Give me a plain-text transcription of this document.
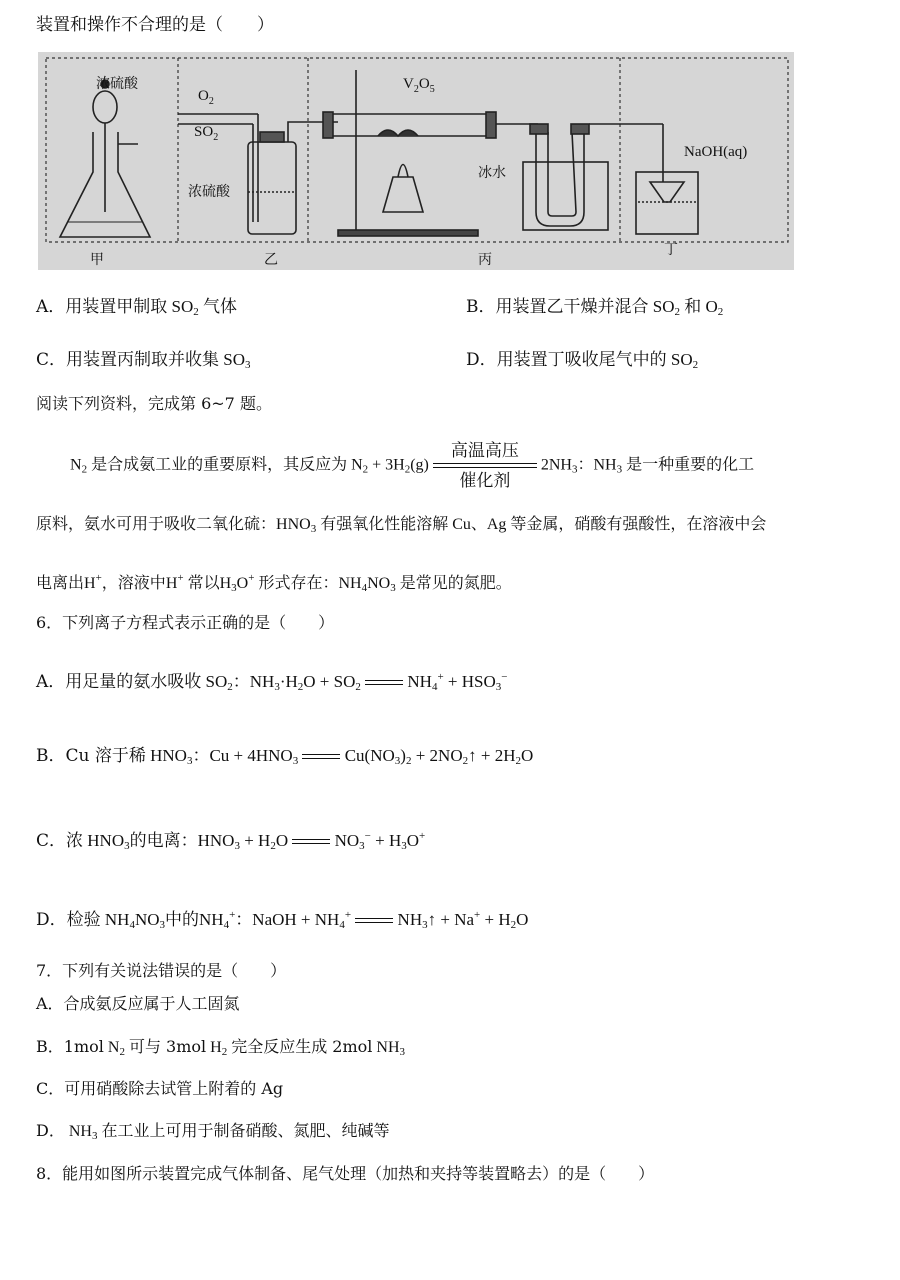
装置和操作不合理的是（　　）
浓硫酸
$O_2$
$SO_2$
浓硫酸
$V_2O_5$
冰水
NaOH(aq)
甲	乙	丙
丁
A．用装置甲制取 $SO_2$ 气体	B．用装置乙干燥并混合 $SO_2$ 和 $O_2$
C．用装置丙制取并收集 $SO_3$	D．用装置丁吸收尾气中的 $SO_2$
阅读下列资料，完成第 6~7 题。
$N_2$ 是合成氨工业的重要原料，其反应为 $N_2 + 3H_2(g)$
高温高压
催化剂
$2NH_3$：$NH_3$ 是一种重要的化工
原料，氨水可用于吸收二氧化硫：$HNO_3$ 有强氧化性能溶解 Cu、Ag 等金属，硝酸有强酸性，在溶液中会
电离出H+，溶液中H+ 常以$H_3O^+$ 形式存在：$NH_4NO_3$ 是常见的氮肥。
6．下列离子方程式表示正确的是（　　）
A．用足量的氨水吸收 $SO_2$：$NH_3\cdot H_2O + SO_2$  $NH_4^+ + HSO_3^-$
B．Cu 溶于稀 $HNO_3$：$Cu + 4HNO_3$  $Cu(NO_3)_2$ + $2NO_2↑ + 2H_2O$
C．浓 $HNO_3$的电离：$HNO_3 + H_2O$  $NO_3^- + H_3O^+$
D．检验 $NH_4NO_3$中的$NH_4^+$：NaOH + $NH_4^+$  $NH_3↑ + Na^+ + H_2O$
7．下列有关说法错误的是（　　）
A．合成氨反应属于人工固氮
B．1mol $N_2$ 可与 3mol $H_2$ 完全反应生成 2mol $NH_3$
C．可用硝酸除去试管上附着的 Ag
D． $NH_3$ 在工业上可用于制备硝酸、氮肥、纯碱等
8．能用如图所示装置完成气体制备、尾气处理（加热和夹持等装置略去）的是（　　）
